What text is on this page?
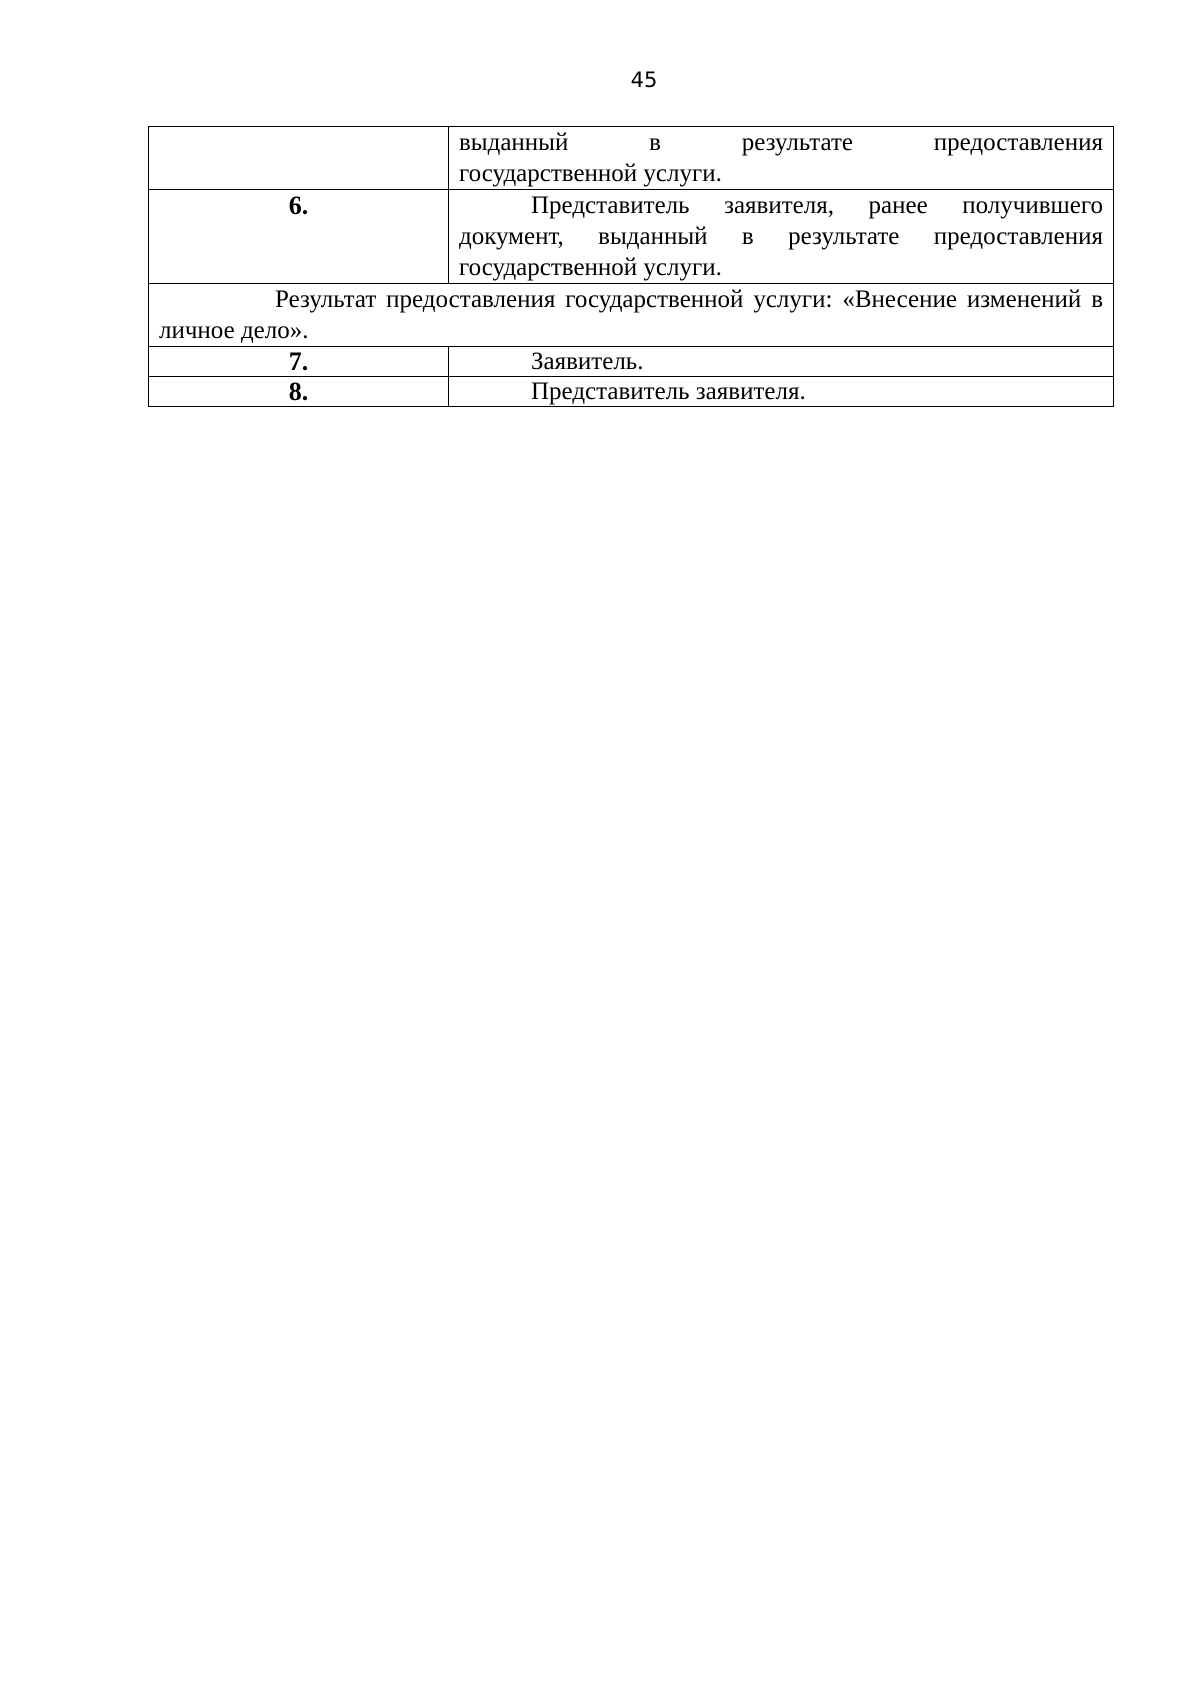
45

	выданный в результате предоставления
государственной услуги.

6.	Представитель заявителя, ранее получившего документ, выданный в результате предоставления государственной услуги.
Результат предоставления государственной услуги: «Внесение изменений в личное дело».	
7.	Заявитель.
8.	Представитель заявителя.
